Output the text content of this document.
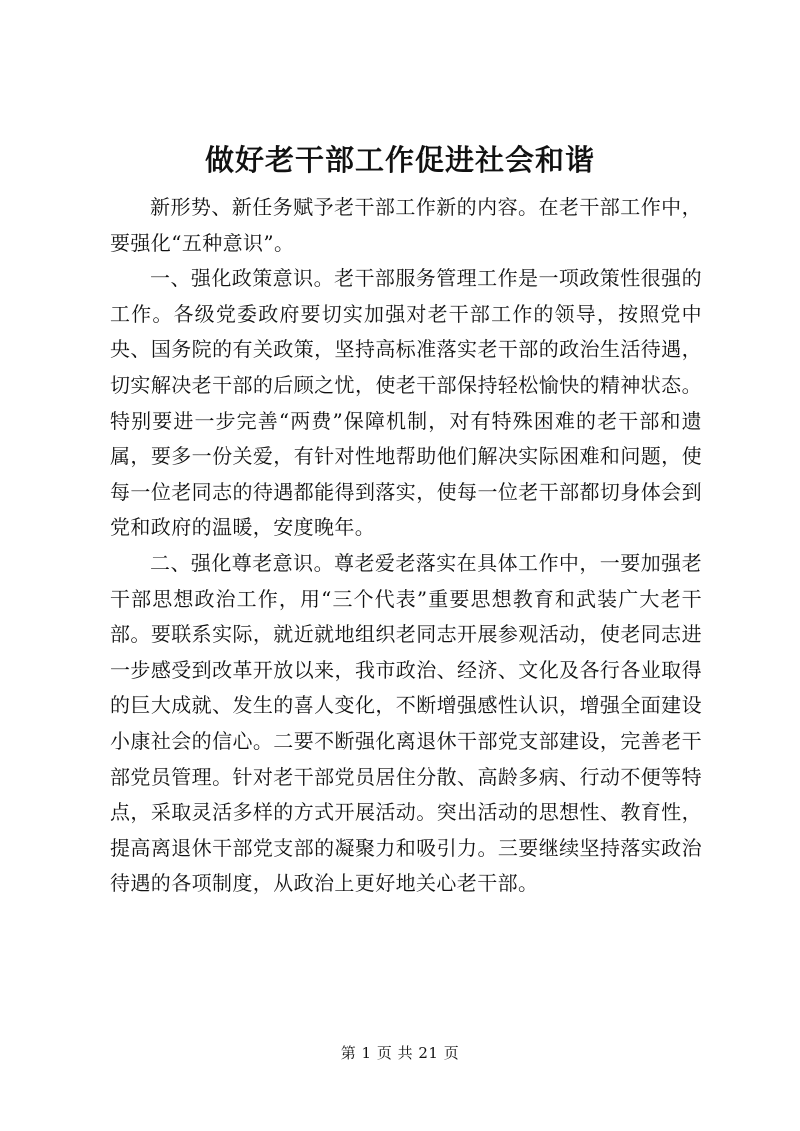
做好老干部工作促进社会和谐

新形势、新任务赋予老干部工作新的内容。在老干部工作中，要强化“五种意识”。

一、强化政策意识。老干部服务管理工作是一项政策性很强的工作。各级党委政府要切实加强对老干部工作的领导，按照党中央、国务院的有关政策，坚持高标准落实老干部的政治生活待遇，切实解决老干部的后顾之忧，使老干部保持轻松愉快的精神状态。特别要进一步完善“两费”保障机制，对有特殊困难的老干部和遗属，要多一份关爱，有针对性地帮助他们解决实际困难和问题，使每一位老同志的待遇都能得到落实，使每一位老干部都切身体会到党和政府的温暖，安度晚年。

二、强化尊老意识。尊老爱老落实在具体工作中，一要加强老干部思想政治工作，用“三个代表”重要思想教育和武装广大老干部。要联系实际，就近就地组织老同志开展参观活动，使老同志进一步感受到改革开放以来，我市政治、经济、文化及各行各业取得的巨大成就、发生的喜人变化，不断增强感性认识，增强全面建设小康社会的信心。二要不断强化离退休干部党支部建设，完善老干部党员管理。针对老干部党员居住分散、高龄多病、行动不便等特点，采取灵活多样的方式开展活动。突出活动的思想性、教育性，提高离退休干部党支部的凝聚力和吸引力。三要继续坚持落实政治待遇的各项制度，从政治上更好地关心老干部。

第 1 页 共 21 页
